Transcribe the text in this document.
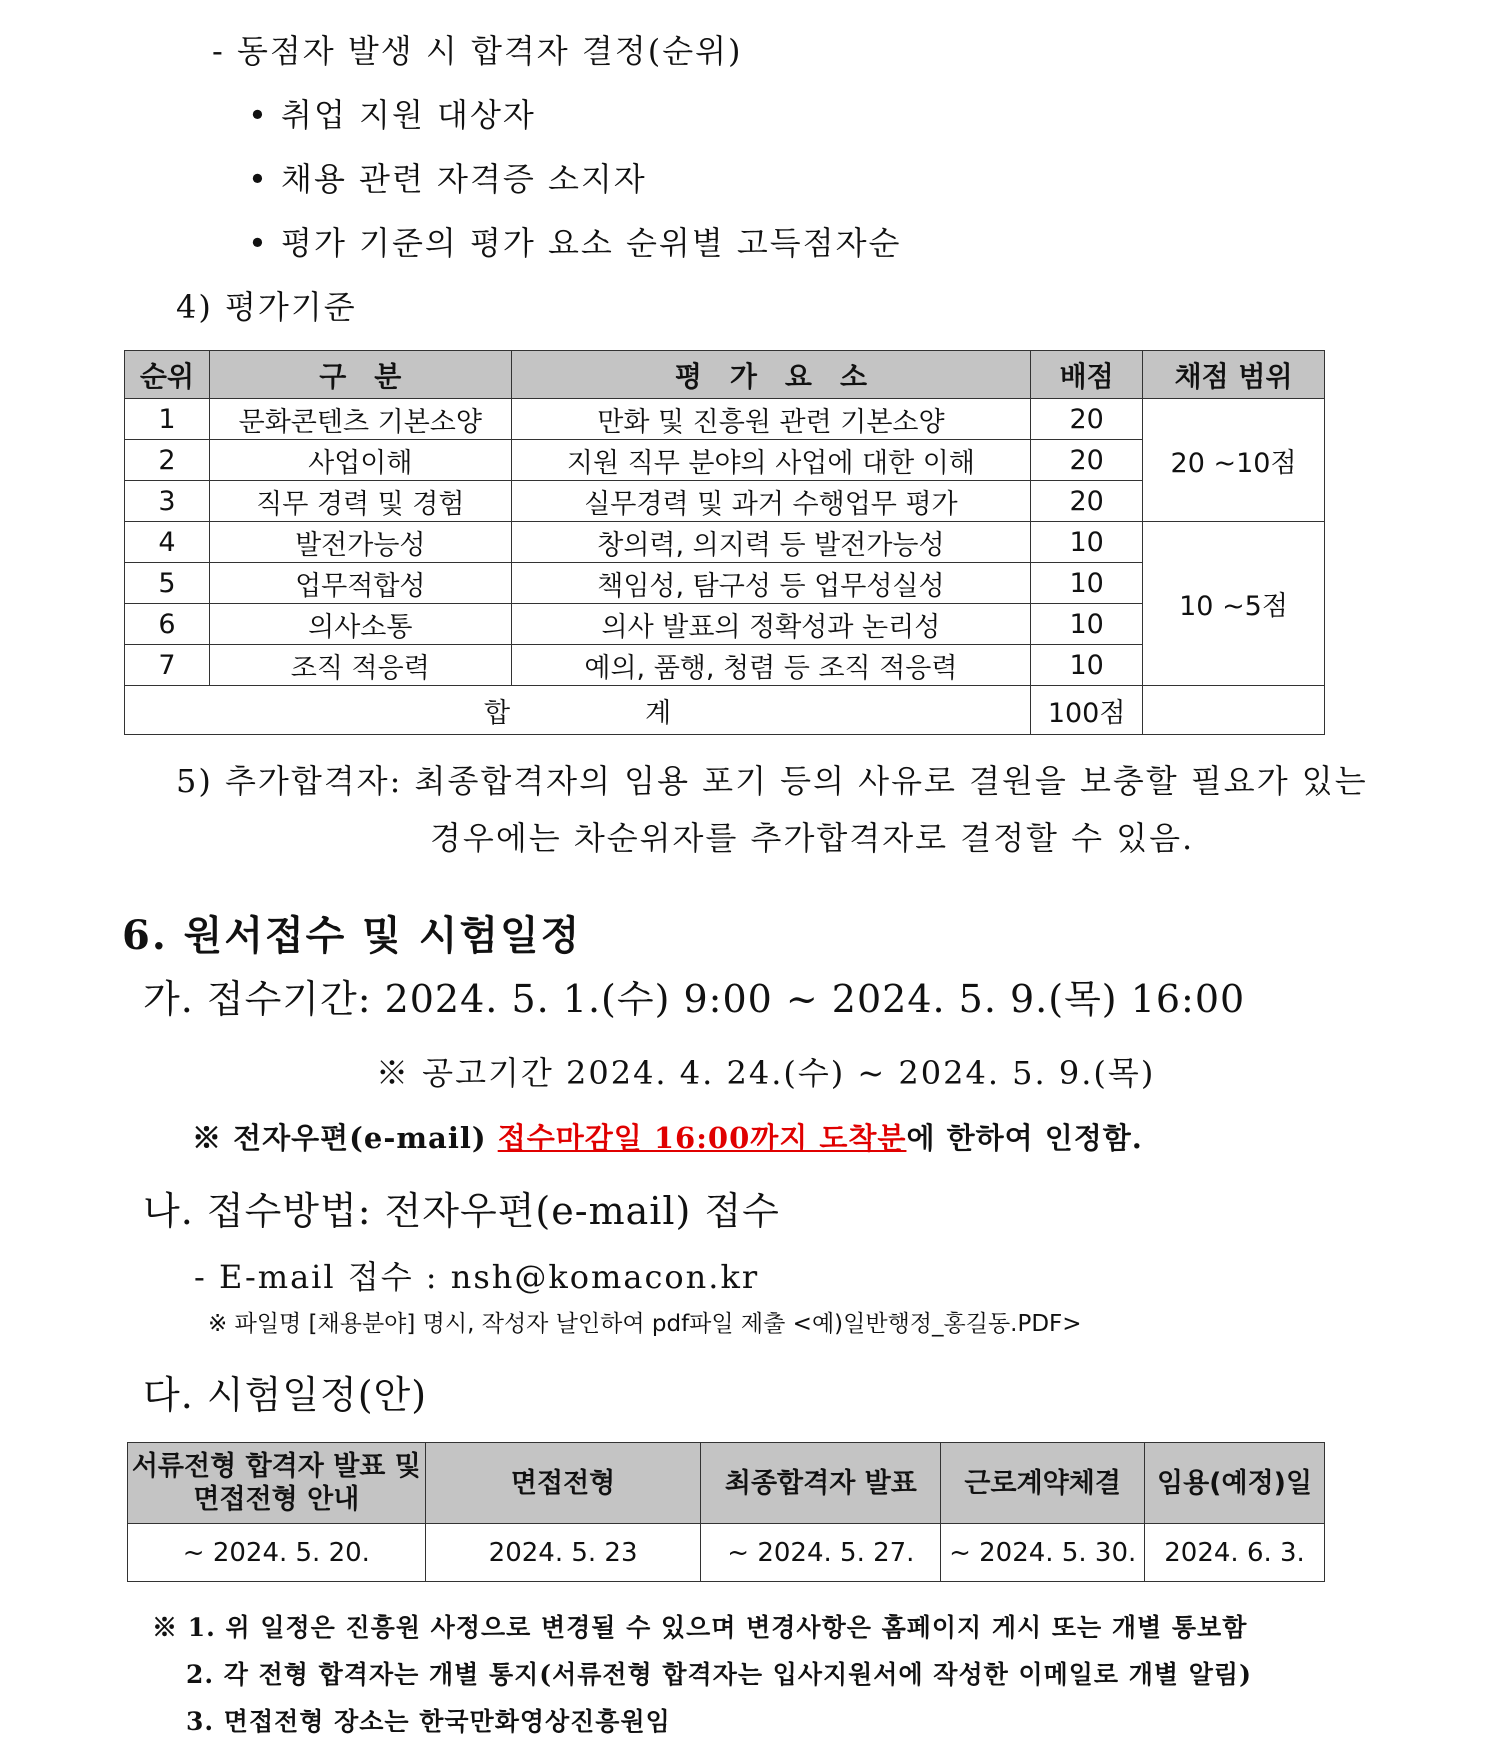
- 동점자 발생 시 합격자 결정(순위)
• 취업 지원 대상자
• 채용 관련 자격증 소지자
• 평가 기준의 평가 요소 순위별 고득점자순
4) 평가기준
순위	구　분	평　가　요　소	배점	채점 범위
1	문화콘텐츠 기본소양	만화 및 진흥원 관련 기본소양	20	20 ~10점
2	사업이해	지원 직무 분야의 사업에 대한 이해	20	
3	직무 경력 및 경험	실무경력 및 과거 수행업무 평가	20	
4	발전가능성	창의력, 의지력 등 발전가능성	10	10 ~5점
5	업무적합성	책임성, 탐구성 등 업무성실성	10	
6	의사소통	의사 발표의 정확성과 논리성	10	
7	조직 적응력	예의, 품행, 청렴 등 조직 적응력	10	
합　　　　　계			100점	
5) 추가합격자: 최종합격자의 임용 포기 등의 사유로 결원을 보충할 필요가 있는
경우에는 차순위자를 추가합격자로 결정할 수 있음.
6. 원서접수 및 시험일정
가. 접수기간: 2024. 5. 1.(수) 9:00 ~ 2024. 5. 9.(목) 16:00
※ 공고기간 2024. 4. 24.(수) ~ 2024. 5. 9.(목)
※ 전자우편(e-mail) 접수마감일 16:00까지 도착분에 한하여 인정함.
나. 접수방법: 전자우편(e-mail) 접수
- E-mail 접수 : nsh@komacon.kr
※ 파일명 [채용분야] 명시, 작성자 날인하여 pdf파일 제출 <예)일반행정_홍길동.PDF>
다. 시험일정(안)
서류전형 합격자 발표 및 면접전형 안내	면접전형	최종합격자 발표	근로계약체결	임용(예정)일
~ 2024. 5. 20.	2024. 5. 23	~ 2024. 5. 27.	~ 2024. 5. 30.	2024. 6. 3.
※ 1. 위 일정은 진흥원 사정으로 변경될 수 있으며 변경사항은 홈페이지 게시 또는 개별 통보함
2. 각 전형 합격자는 개별 통지(서류전형 합격자는 입사지원서에 작성한 이메일로 개별 알림)
3. 면접전형 장소는 한국만화영상진흥원임
